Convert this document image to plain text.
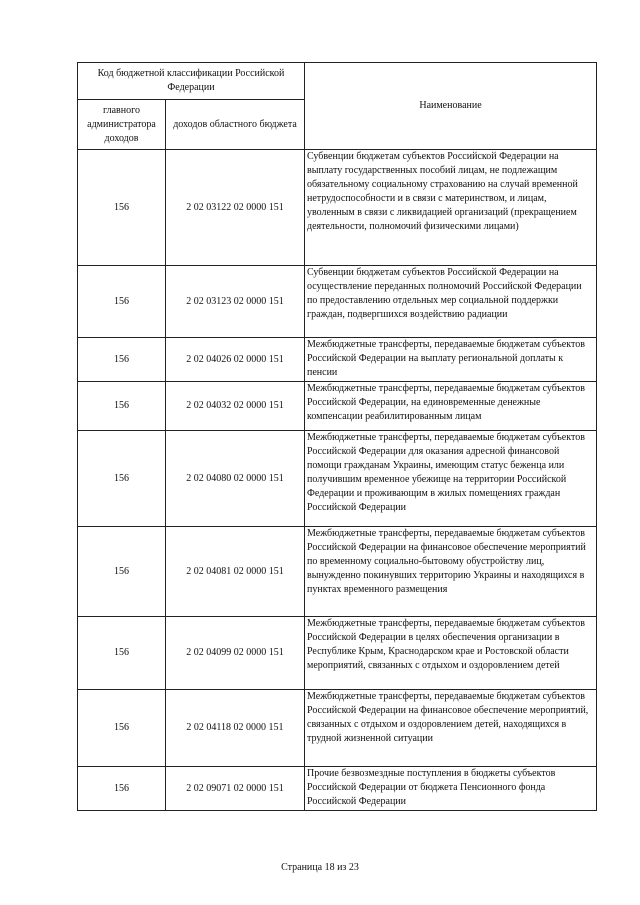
Код бюджетной классификации Российской Федерации		Наименование
главного администратора доходов	доходов областного бюджета	
156	2 02 03122 02 0000 151	Субвенции бюджетам субъектов Российской Федерации на выплату государственных пособий лицам, не подлежащим обязательному социальному страхованию на случай временной нетрудоспособности и в связи с материнством, и лицам, уволенным в связи с ликвидацией организаций (прекращением деятельности, полномочий физическими лицами)
156	2 02 03123 02 0000 151	Субвенции бюджетам субъектов Российской Федерации на осуществление переданных полномочий Российской Федерации по предоставлению отдельных мер социальной поддержки граждан, подвергшихся воздействию радиации
156	2 02 04026 02 0000 151	Межбюджетные трансферты, передаваемые бюджетам субъектов Российской Федерации на выплату региональной доплаты к пенсии
156	2 02 04032 02 0000 151	Межбюджетные трансферты, передаваемые бюджетам субъектов Российской Федерации, на единовременные денежные компенсации реабилитированным лицам
156	2 02 04080 02 0000 151	Межбюджетные трансферты, передаваемые бюджетам субъектов Российской Федерации для оказания адресной финансовой помощи гражданам Украины, имеющим статус беженца или получившим временное убежище на территории Российской Федерации и проживающим в жилых помещениях граждан Российской Федерации
156	2 02 04081 02 0000 151	Межбюджетные трансферты, передаваемые бюджетам субъектов Российской Федерации на финансовое обеспечение мероприятий по временному социально-бытовому обустройству лиц, вынужденно покинувших территорию Украины и находящихся в пунктах временного размещения
156	2 02 04099 02 0000 151	Межбюджетные трансферты, передаваемые бюджетам субъектов Российской Федерации в целях обеспечения организации в Республике Крым, Краснодарском крае и Ростовской области мероприятий, связанных с отдыхом и оздоровлением детей
156	2 02 04118 02 0000 151	Межбюджетные трансферты, передаваемые бюджетам субъектов Российской Федерации на финансовое обеспечение мероприятий, связанных с отдыхом и оздоровлением детей, находящихся в трудной жизненной ситуации
156	2 02 09071 02 0000 151	Прочие безвозмездные поступления в бюджеты субъектов Российской Федерации от бюджета Пенсионного фонда Российской Федерации
Страница 18 из 23
